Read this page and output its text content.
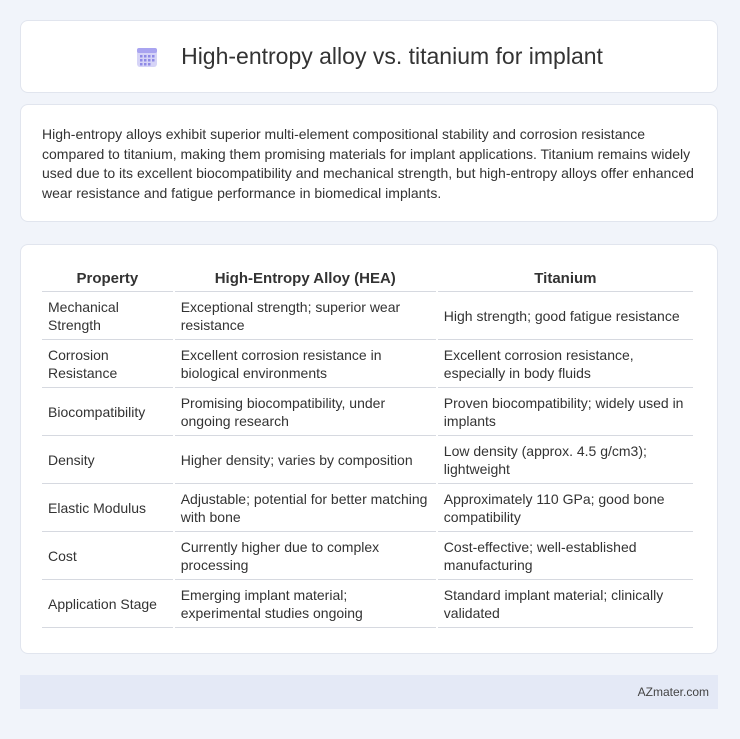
High-entropy alloy vs. titanium for implant

High-entropy alloys exhibit superior multi-element compositional stability and corrosion resistance compared to titanium, making them promising materials for implant applications. Titanium remains widely used due to its excellent biocompatibility and mechanical strength, but high-entropy alloys offer enhanced wear resistance and fatigue performance in biomedical implants.

Property	High-Entropy Alloy (HEA)	Titanium
Mechanical Strength	Exceptional strength; superior wear resistance	High strength; good fatigue resistance
Corrosion Resistance	Excellent corrosion resistance in biological environments	Excellent corrosion resistance, especially in body fluids
Biocompatibility	Promising biocompatibility, under ongoing research	Proven biocompatibility; widely used in implants
Density	Higher density; varies by composition	Low density (approx. 4.5 g/cm3); lightweight
Elastic Modulus	Adjustable; potential for better matching with bone	Approximately 110 GPa; good bone compatibility
Cost	Currently higher due to complex processing	Cost-effective; well-established manufacturing
Application Stage	Emerging implant material; experimental studies ongoing	Standard implant material; clinically validated
AZmater.com
